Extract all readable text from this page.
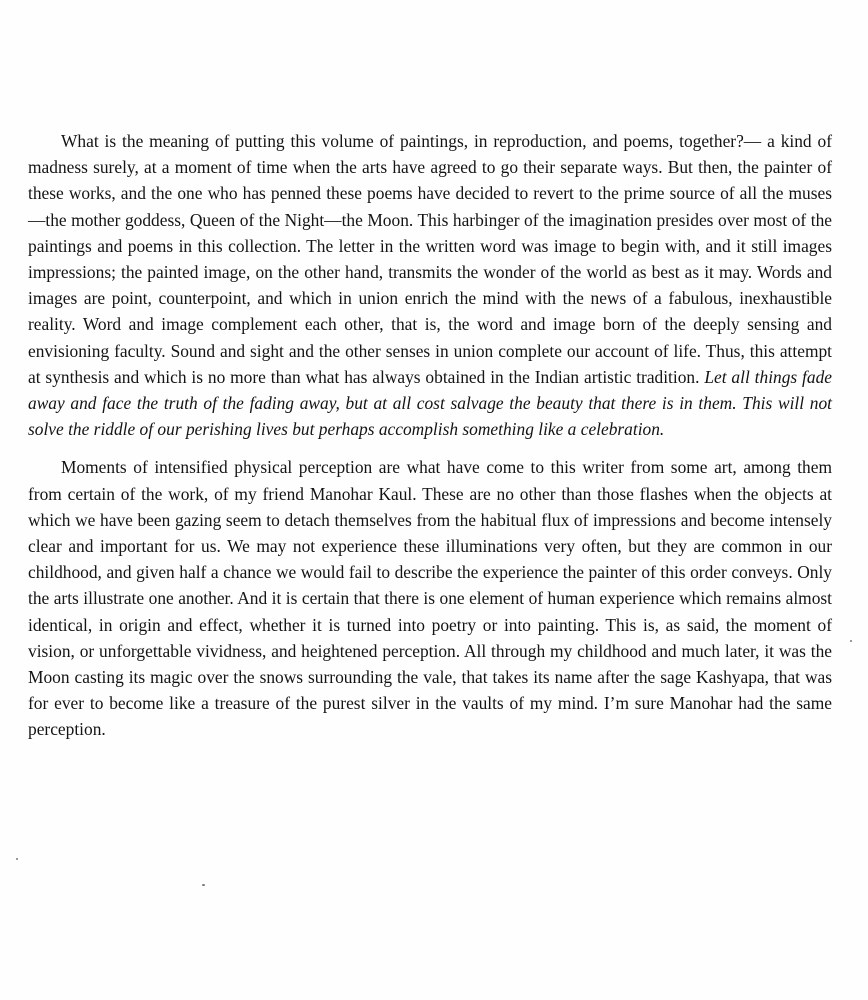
What is the meaning of putting this volume of paintings, in reproduction, and poems, together?— a kind of madness surely, at a moment of time when the arts have agreed to go their separate ways. But then, the painter of these works, and the one who has penned these poems have decided to revert to the prime source of all the muses—the mother goddess, Queen of the Night—the Moon. This harbinger of the imagination presides over most of the paintings and poems in this collection. The letter in the written word was image to begin with, and it still images impressions; the painted image, on the other hand, transmits the wonder of the world as best as it may. Words and images are point, counterpoint, and which in union enrich the mind with the news of a fabulous, inexhaustible reality. Word and image complement each other, that is, the word and image born of the deeply sensing and envisioning faculty. Sound and sight and the other senses in union complete our account of life. Thus, this attempt at synthesis and which is no more than what has always obtained in the Indian artistic tradition. Let all things fade away and face the truth of the fading away, but at all cost salvage the beauty that there is in them. This will not solve the riddle of our perishing lives but perhaps accomplish something like a celebration.

Moments of intensified physical perception are what have come to this writer from some art, among them from certain of the work, of my friend Manohar Kaul. These are no other than those flashes when the objects at which we have been gazing seem to detach themselves from the habitual flux of impressions and become intensely clear and important for us. We may not experience these illuminations very often, but they are common in our childhood, and given half a chance we would fail to describe the experience the painter of this order conveys. Only the arts illustrate one another. And it is certain that there is one element of human experience which remains almost identical, in origin and effect, whether it is turned into poetry or into painting. This is, as said, the moment of vision, or unforgettable vividness, and heightened perception. All through my childhood and much later, it was the Moon casting its magic over the snows surrounding the vale, that takes its name after the sage Kashyapa, that was for ever to become like a treasure of the purest silver in the vaults of my mind. I’m sure Manohar had the same perception.
